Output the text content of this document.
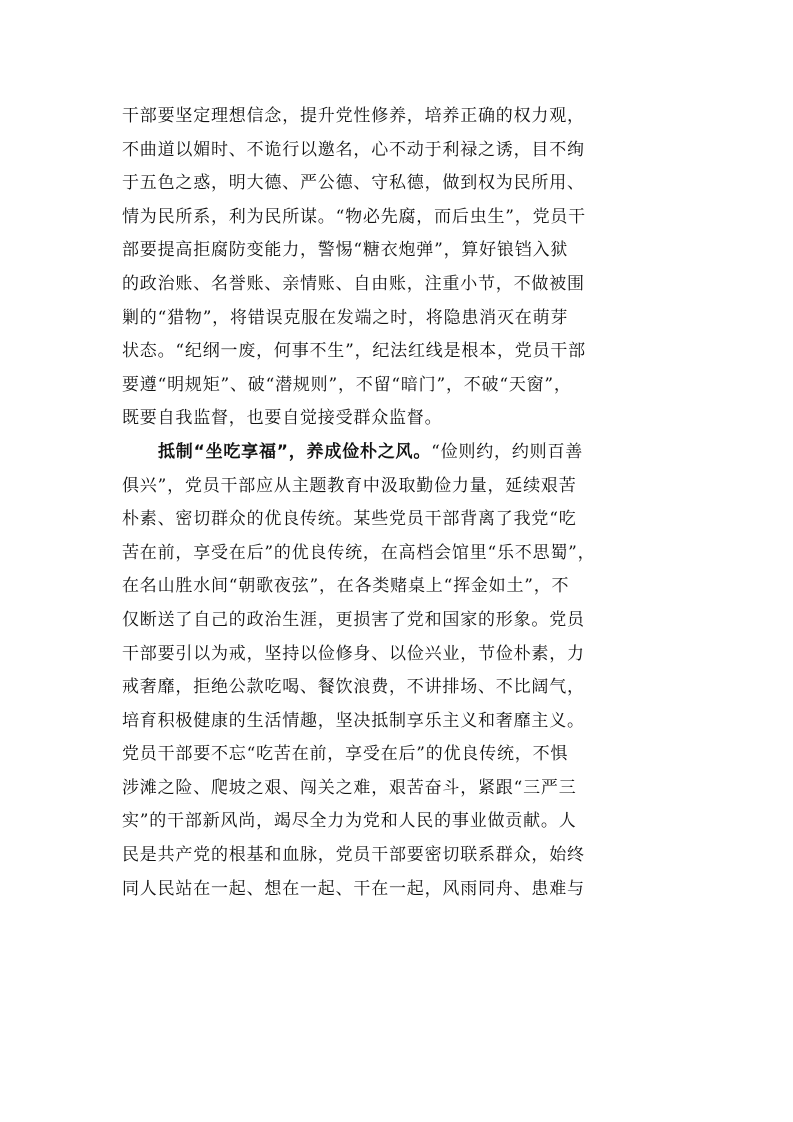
干部要坚定理想信念，提升党性修养，培养正确的权力观，
不曲道以媚时、不诡行以邀名，心不动于利禄之诱，目不绚
于五色之惑，明大德、严公德、守私德，做到权为民所用、
情为民所系，利为民所谋。“物必先腐，而后虫生”，党员干
部要提高拒腐防变能力，警惕“糖衣炮弹”，算好锒铛入狱
的政治账、名誉账、亲情账、自由账，注重小节，不做被围
剿的“猎物”，将错误克服在发端之时，将隐患消灭在萌芽
状态。“纪纲一废，何事不生”，纪法红线是根本，党员干部
要遵“明规矩”、破“潜规则”，不留“暗门”，不破“天窗”，
既要自我监督，也要自觉接受群众监督。
抵制“坐吃享福”，养成俭朴之风。“俭则约，约则百善
俱兴”，党员干部应从主题教育中汲取勤俭力量，延续艰苦
朴素、密切群众的优良传统。某些党员干部背离了我党“吃
苦在前，享受在后”的优良传统，在高档会馆里“乐不思蜀”，
在名山胜水间“朝歌夜弦”，在各类赌桌上“挥金如土”，不
仅断送了自己的政治生涯，更损害了党和国家的形象。党员
干部要引以为戒，坚持以俭修身、以俭兴业，节俭朴素，力
戒奢靡，拒绝公款吃喝、餐饮浪费，不讲排场、不比阔气，
培育积极健康的生活情趣，坚决抵制享乐主义和奢靡主义。
党员干部要不忘“吃苦在前，享受在后”的优良传统，不惧
涉滩之险、爬坡之艰、闯关之难，艰苦奋斗，紧跟“三严三
实”的干部新风尚，竭尽全力为党和人民的事业做贡献。人
民是共产党的根基和血脉，党员干部要密切联系群众，始终
同人民站在一起、想在一起、干在一起，风雨同舟、患难与
